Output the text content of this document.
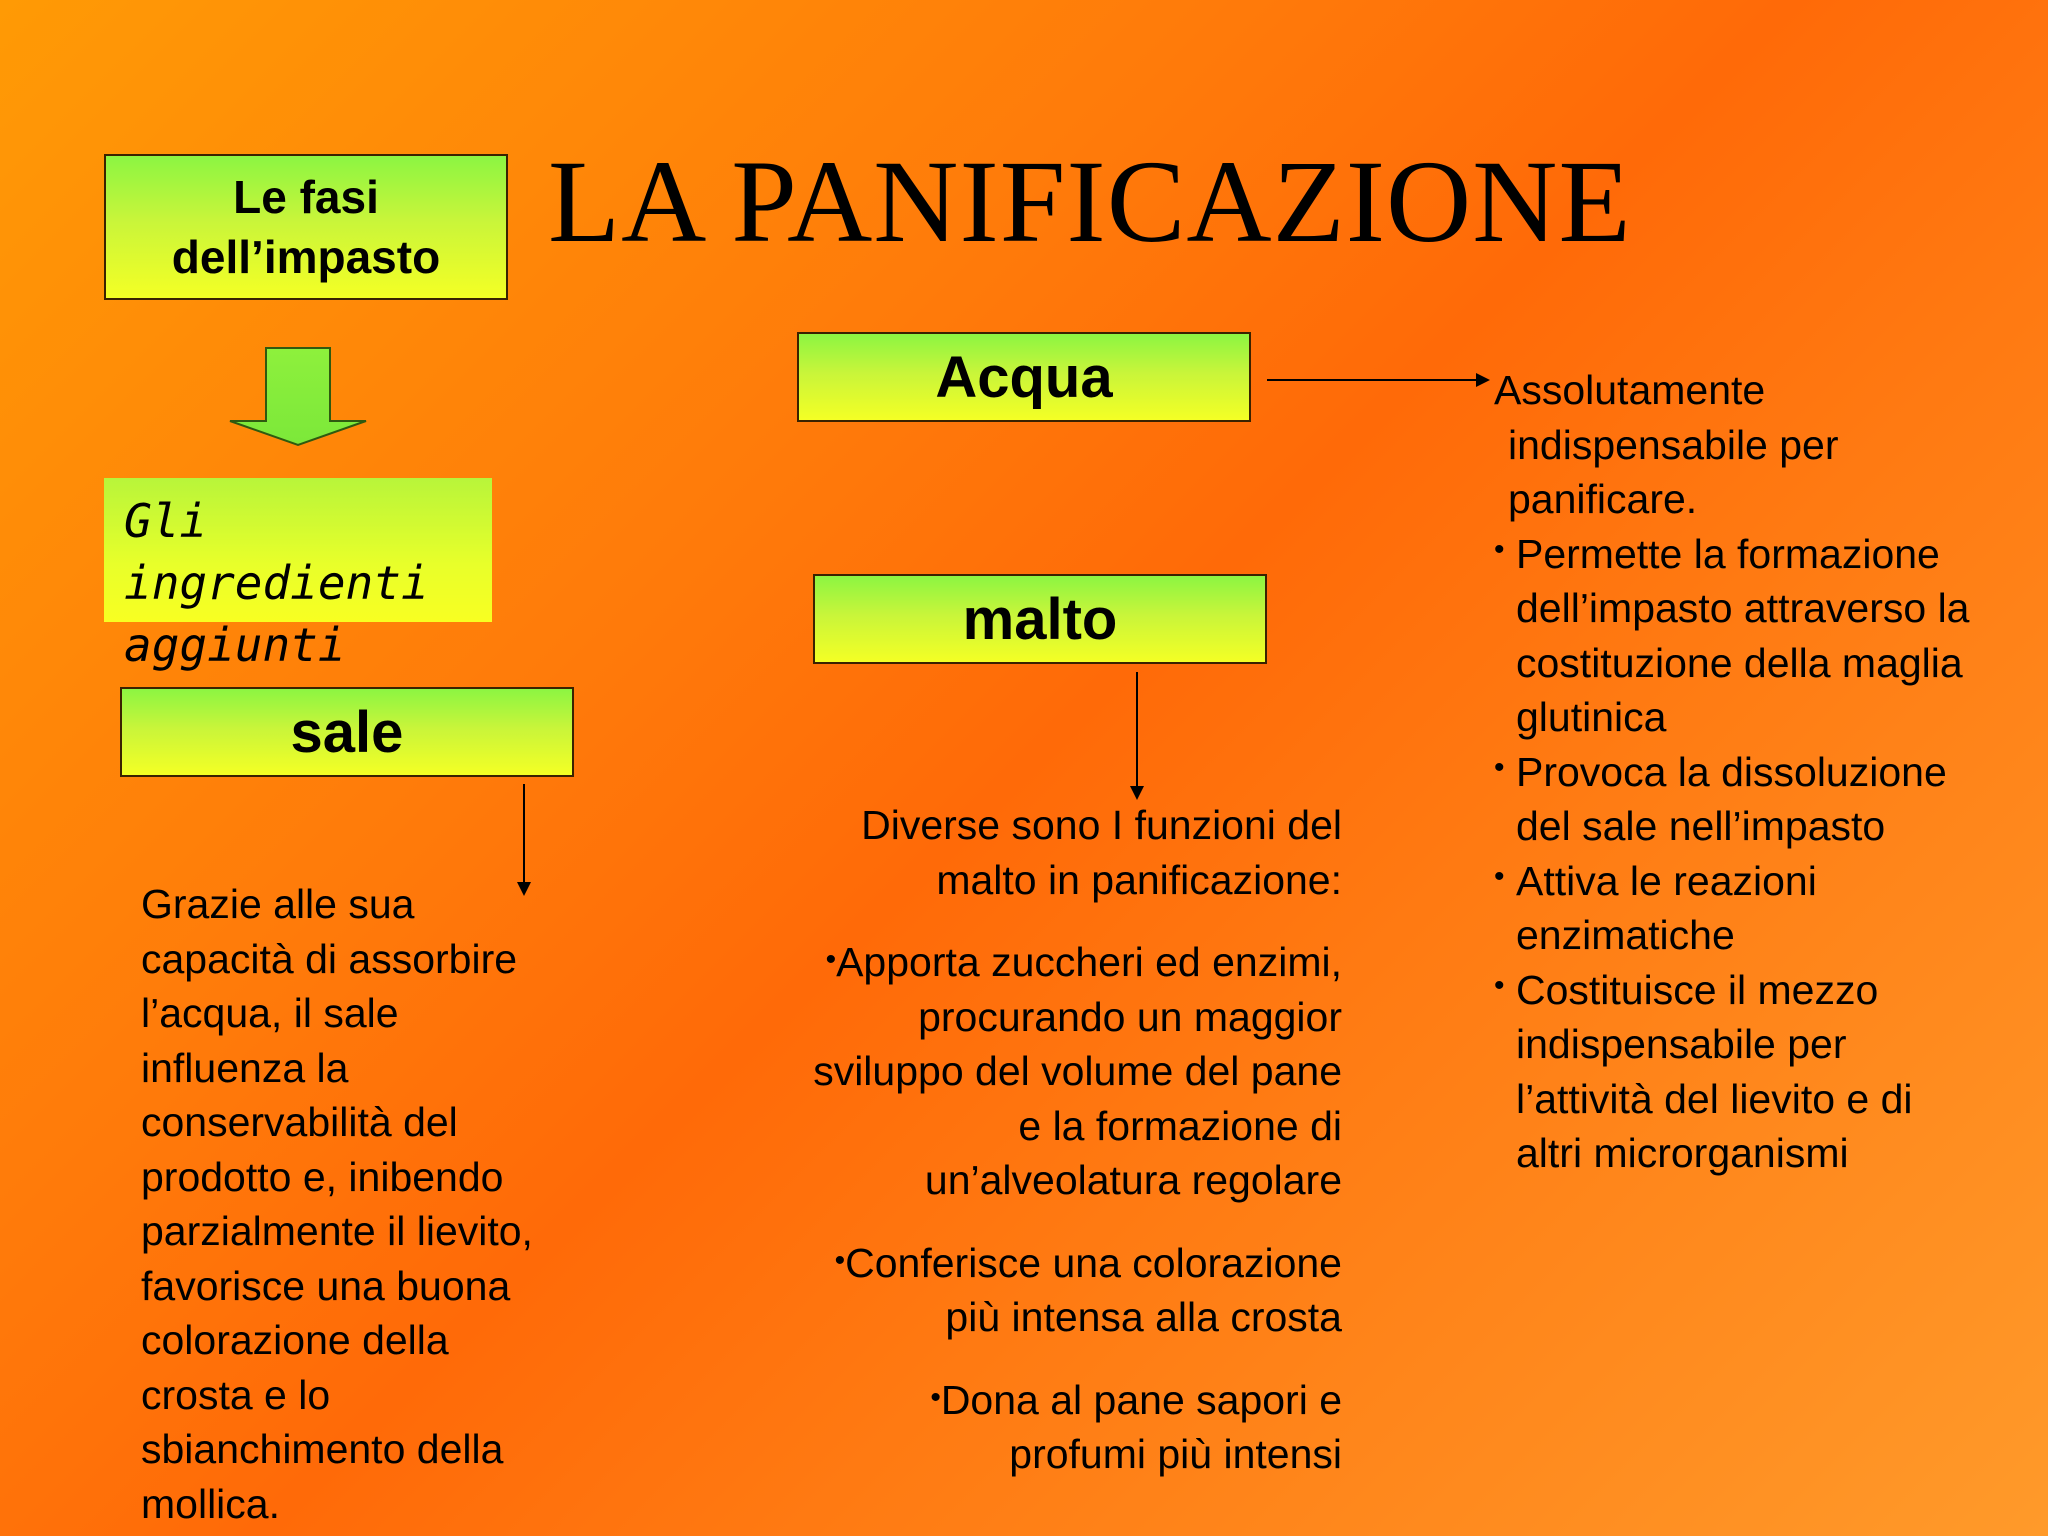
LA PANIFICAZIONE
Le fasi
dell’impasto
Gli ingredienti
aggiunti
sale
Acqua
malto
Grazie alle sua
capacità di assorbire
l’acqua, il sale
influenza la
conservabilità del
prodotto e, inibendo
parzialmente il lievito,
favorisce una buona
colorazione della
crosta e lo
sbianchimento della
mollica.
Assolutamente
indispensabile per
panificare.
• Permette la formazione
dell’impasto attraverso la
costituzione della maglia
glutinica
• Provoca la dissoluzione
del sale nell’impasto
• Attiva le reazioni
enzimatiche
• Costituisce il mezzo
indispensabile per
l’attività del lievito e di
altri microrganismi

Diverse sono I funzioni del
malto in panificazione:

•Apporta zuccheri ed enzimi,
procurando un maggior
sviluppo del volume del pane
e la formazione di
un’alveolatura regolare

•Conferisce una colorazione
più intensa alla crosta

•Dona al pane sapori e
profumi più intensi
